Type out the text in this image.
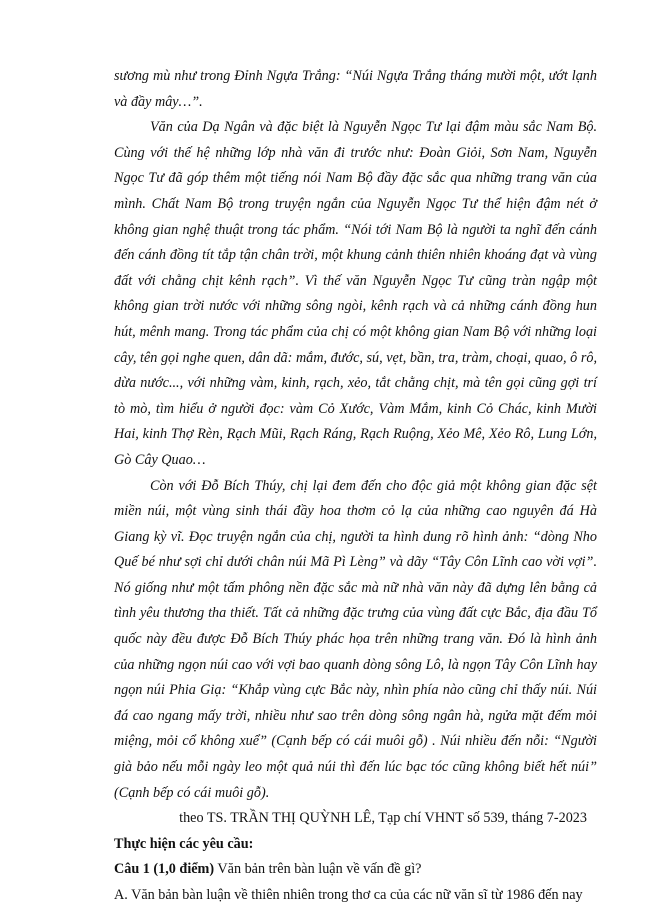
sương mù như trong Đỉnh Ngựa Trắng: “Núi Ngựa Trắng tháng mười một, ướt lạnh và đầy mây…”.

Văn của Dạ Ngân và đặc biệt là Nguyễn Ngọc Tư lại đậm màu sắc Nam Bộ. Cùng với thế hệ những lớp nhà văn đi trước như: Đoàn Giỏi, Sơn Nam, Nguyễn Ngọc Tư đã góp thêm một tiếng nói Nam Bộ đầy đặc sắc qua những trang văn của mình. Chất Nam Bộ trong truyện ngắn của Nguyễn Ngọc Tư thể hiện đậm nét ở không gian nghệ thuật trong tác phẩm. “Nói tới Nam Bộ là người ta nghĩ đến cánh đến cánh đồng tít tắp tận chân trời, một khung cảnh thiên nhiên khoáng đạt và vùng đất với chằng chịt kênh rạch”. Vì thế văn Nguyễn Ngọc Tư cũng tràn ngập một không gian trời nước với những sông ngòi, kênh rạch và cả những cánh đồng hun hút, mênh mang. Trong tác phẩm của chị có một không gian Nam Bộ với những loại cây, tên gọi nghe quen, dân dã: mắm, đước, sú, vẹt, bần, tra, tràm, choại, quao, ô rô, dừa nước..., với những vàm, kinh, rạch, xẻo, tắt chằng chịt, mà tên gọi cũng gợi trí tò mò, tìm hiểu ở người đọc: vàm Cỏ Xước, Vàm Mắm, kinh Cỏ Chác, kinh Mười Hai, kinh Thợ Rèn, Rạch Mũi, Rạch Ráng, Rạch Ruộng, Xẻo Mê, Xẻo Rô, Lung Lớn, Gò Cây Quao…

Còn với Đỗ Bích Thúy, chị lại đem đến cho độc giả một không gian đặc sệt miền núi, một vùng sinh thái đầy hoa thơm cỏ lạ của những cao nguyên đá Hà Giang kỳ vĩ. Đọc truyện ngắn của chị, người ta hình dung rõ hình ảnh: “dòng Nho Quế bé như sợi chỉ dưới chân núi Mã Pì Lèng” và dãy “Tây Côn Lĩnh cao vời vợi”. Nó giống như một tấm phông nền đặc sắc mà nữ nhà văn này đã dựng lên bằng cả tình yêu thương tha thiết. Tất cả những đặc trưng của vùng đất cực Bắc, địa đầu Tổ quốc này đều được Đỗ Bích Thúy phác họa trên những trang văn. Đó là hình ảnh của những ngọn núi cao với vợi bao quanh dòng sông Lô, là ngọn Tây Côn Lĩnh hay ngọn núi Phia Giạ: “Khắp vùng cực Bắc này, nhìn phía nào cũng chỉ thấy núi. Núi đá cao ngang mấy trời, nhiều như sao trên dòng sông ngân hà, ngửa mặt đếm mỏi miệng, mỏi cổ không xuể” (Cạnh bếp có cái muôi gỗ) . Núi nhiều đến nỗi: “Người già bảo nếu mỗi ngày leo một quả núi thì đến lúc bạc tóc cũng không biết hết núi” (Cạnh bếp có cái muôi gỗ).

theo TS. TRẦN THỊ QUỲNH LÊ, Tạp chí VHNT số 539, tháng 7-2023

Thực hiện các yêu cầu:

Câu 1 (1,0 điểm) Văn bản trên bàn luận về vấn đề gì?

A. Văn bản bàn luận về thiên nhiên trong thơ ca của các nữ văn sĩ từ 1986 đến nay
